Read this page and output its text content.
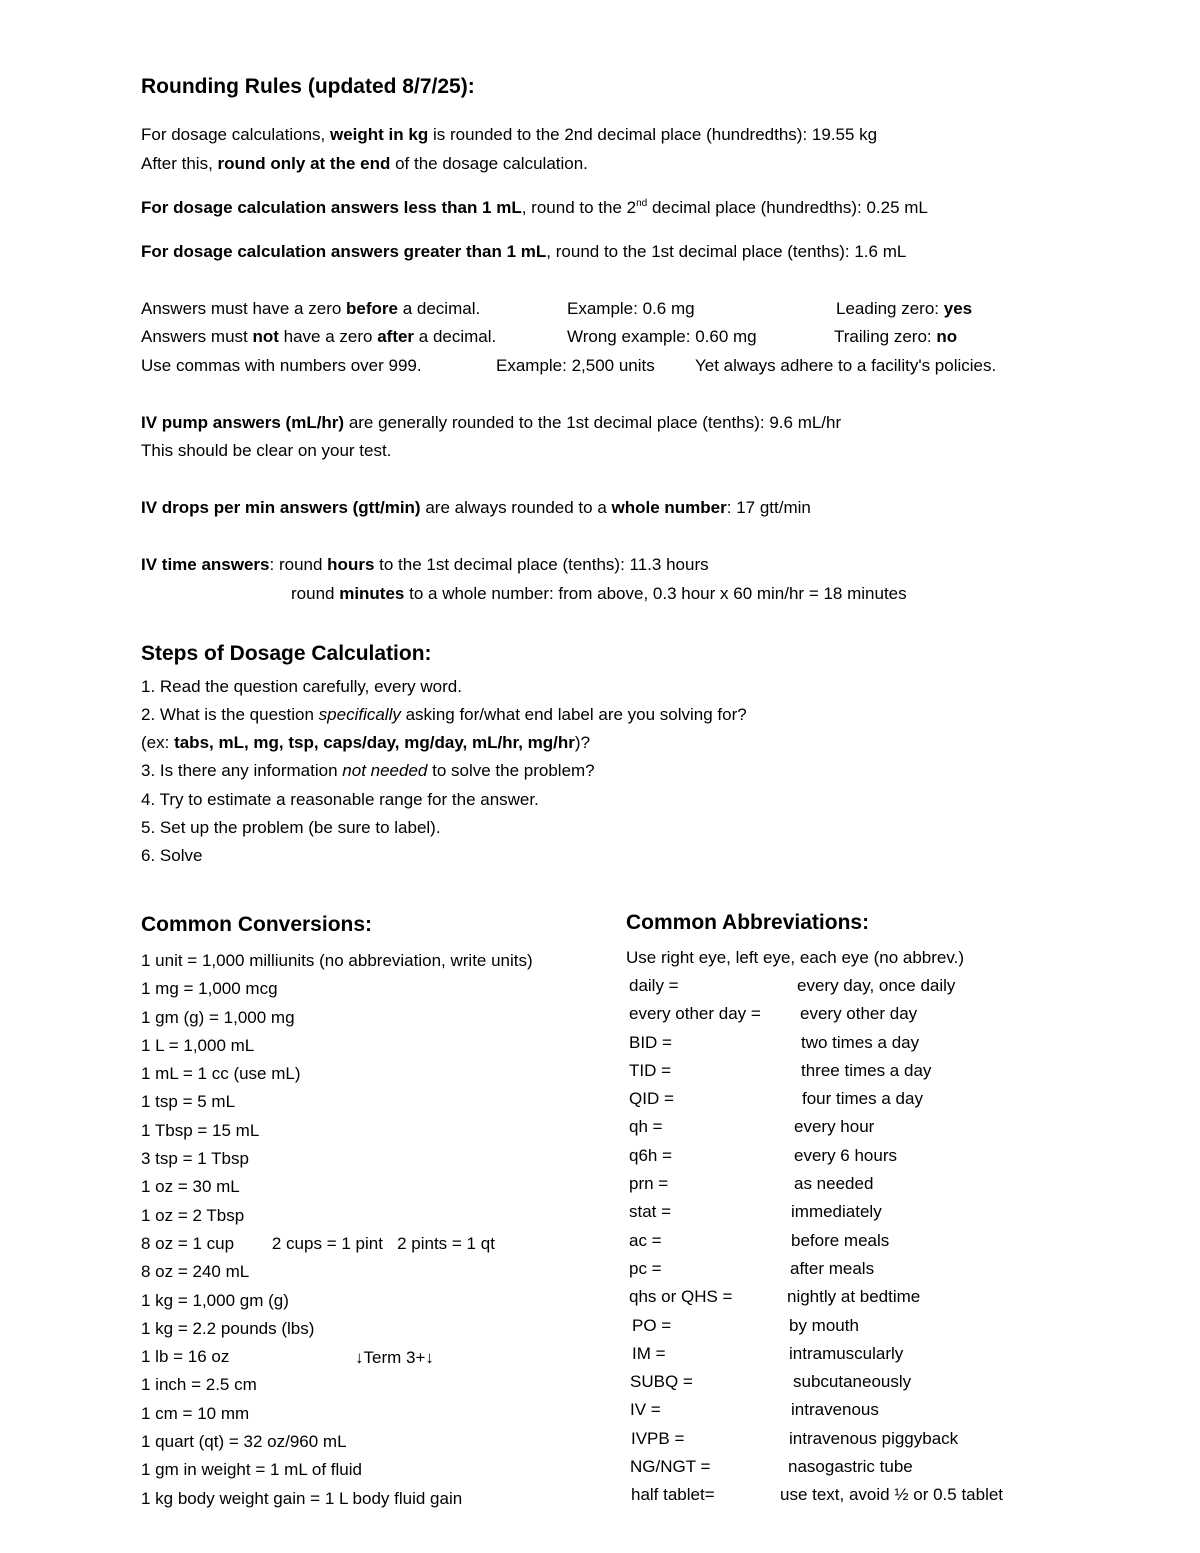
Rounding Rules (updated 8/7/25):
For dosage calculations, weight in kg is rounded to the 2nd decimal place (hundredths): 19.55 kg
After this, round only at the end of the dosage calculation.
For dosage calculation answers less than 1 mL, round to the 2nd decimal place (hundredths): 0.25 mL
For dosage calculation answers greater than 1 mL, round to the 1st decimal place (tenths): 1.6 mL
Answers must have a zero before a decimal.	Example: 0.6 mg	Leading zero: yes
Answers must not have a zero after a decimal.	Wrong example: 0.60 mg	Trailing zero: no
Use commas with numbers over 999.	Example: 2,500 units Yet always adhere to a facility's policies.
IV pump answers (mL/hr) are generally rounded to the 1st decimal place (tenths): 9.6 mL/hr
This should be clear on your test.
IV drops per min answers (gtt/min) are always rounded to a whole number: 17 gtt/min
IV time answers: round hours to the 1st decimal place (tenths): 11.3 hours
round minutes to a whole number: from above, 0.3 hour x 60 min/hr = 18 minutes
Steps of Dosage Calculation:
1. Read the question carefully, every word.
2. What is the question specifically asking for/what end label are you solving for?
(ex: tabs, mL, mg, tsp, caps/day, mg/day, mL/hr, mg/hr)?
3. Is there any information not needed to solve the problem?
4. Try to estimate a reasonable range for the answer.
5. Set up the problem (be sure to label).
6. Solve
Common Conversions:
1 unit = 1,000 milliunits (no abbreviation, write units)
1 mg = 1,000 mcg
1 gm (g) = 1,000 mg
1 L = 1,000 mL
1 mL = 1 cc (use mL)
1 tsp = 5 mL
1 Tbsp = 15 mL
3 tsp = 1 Tbsp
1 oz = 30 mL
1 oz = 2 Tbsp
8 oz = 1 cup        2 cups = 1 pint   2 pints = 1 qt
8 oz = 240 mL
1 kg = 1,000 gm (g)
1 kg = 2.2 pounds (lbs)
1 lb = 16 oz
1 inch = 2.5 cm
1 cm = 10 mm
1 quart (qt) = 32 oz/960 mL
1 gm in weight = 1 mL of fluid
1 kg body weight gain = 1 L body fluid gain
↓Term 3+↓
Common Abbreviations:
Use right eye, left eye, each eye (no abbrev.)
daily =	every day, once daily
every other day = every other day
BID =	two times a day
TID =	three times a day
QID =	four times a day
qh =	every hour
q6h =	every 6 hours
prn =	as needed
stat =	immediately
ac =	before meals
pc =	after meals
qhs or QHS =	nightly at bedtime
PO =	by mouth
IM =	intramuscularly
SUBQ =	subcutaneously
IV =	intravenous
IVPB =	intravenous piggyback
NG/NGT =	nasogastric tube
half tablet=	use text, avoid ½ or 0.5 tablet
